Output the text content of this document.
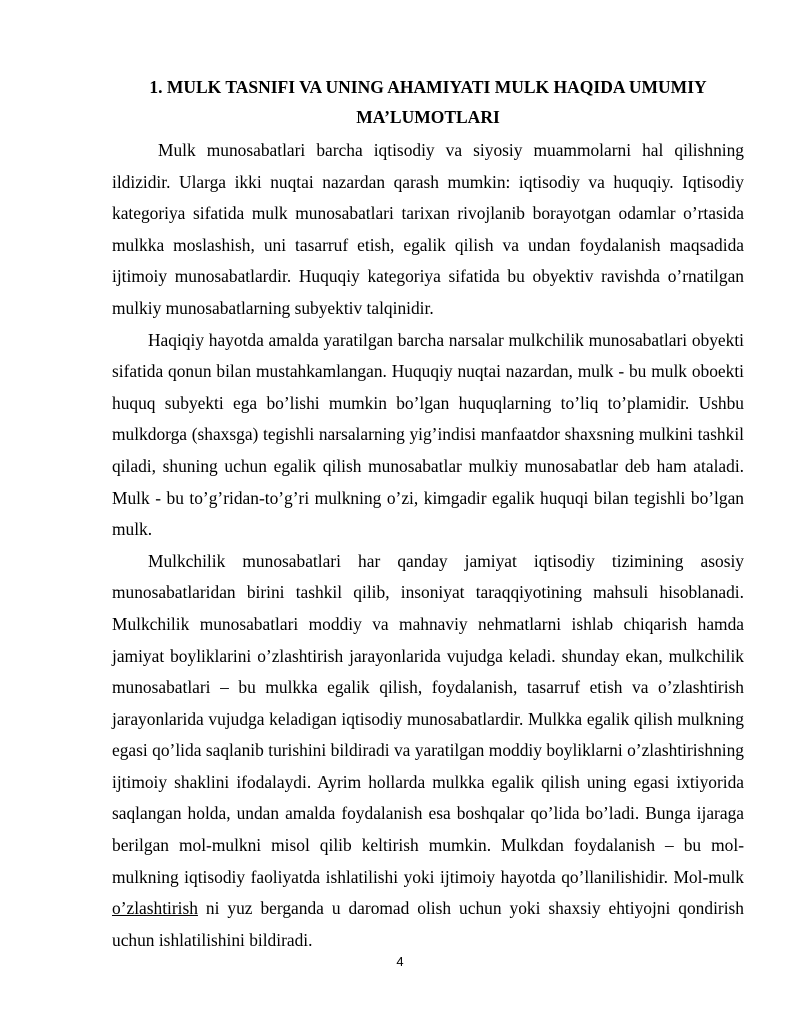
1. MULK TASNIFI VA UNING AHAMIYATI MULK HAQIDA UMUMIY MA’LUMOTLARI

Mulk munosabatlari barcha iqtisodiy va siyosiy muammolarni hal qilishning ildizidir. Ularga ikki nuqtai nazardan qarash mumkin: iqtisodiy va huquqiy. Iqtisodiy kategoriya sifatida mulk munosabatlari tarixan rivojlanib borayotgan odamlar o’rtasida mulkka moslashish, uni tasarruf etish, egalik qilish va undan foydalanish maqsadida ijtimoiy munosabatlardir. Huquqiy kategoriya sifatida bu obyektiv ravishda o’rnatilgan mulkiy munosabatlarning subyektiv talqinidir.

Haqiqiy hayotda amalda yaratilgan barcha narsalar mulkchilik munosabatlari obyekti sifatida qonun bilan mustahkamlangan. Huquqiy nuqtai nazardan, mulk - bu mulk oboekti huquq subyekti ega bo’lishi mumkin bo’lgan huquqlarning to’liq to’plamidir. Ushbu mulkdorga (shaxsga) tegishli narsalarning yig’indisi manfaatdor shaxsning mulkini tashkil qiladi, shuning uchun egalik qilish munosabatlar mulkiy munosabatlar deb ham ataladi. Mulk - bu to’g’ridan-to’g’ri mulkning o’zi, kimgadir egalik huquqi bilan tegishli bo’lgan mulk.

Mulkchilik munosabatlari har qanday jamiyat iqtisodiy tizimining asosiy munosabatlaridan birini tashkil qilib, insoniyat taraqqiyotining mahsuli hisoblanadi. Mulkchilik munosabatlari moddiy va mahnaviy nehmatlarni ishlab chiqarish hamda jamiyat boyliklarini o’zlashtirish jarayonlarida vujudga keladi. shunday ekan, mulkchilik munosabatlari – bu mulkka egalik qilish, foydalanish, tasarruf etish va o’zlashtirish jarayonlarida vujudga keladigan iqtisodiy munosabatlardir. Mulkka egalik qilish mulkning egasi qo’lida saqlanib turishini bildiradi va yaratilgan moddiy boyliklarni o’zlashtirishning ijtimoiy shaklini ifodalaydi. Ayrim hollarda mulkka egalik qilish uning egasi ixtiyorida saqlangan holda, undan amalda foydalanish esa boshqalar qo’lida bo’ladi. Bunga ijaraga berilgan mol-mulkni misol qilib keltirish mumkin. Mulkdan foydalanish – bu mol-mulkning iqtisodiy faoliyatda ishlatilishi yoki ijtimoiy hayotda qo’llanilishidir. Mol-mulk o’zlashtirish ni yuz berganda u daromad olish uchun yoki shaxsiy ehtiyojni qondirish uchun ishlatilishini bildiradi.

4
